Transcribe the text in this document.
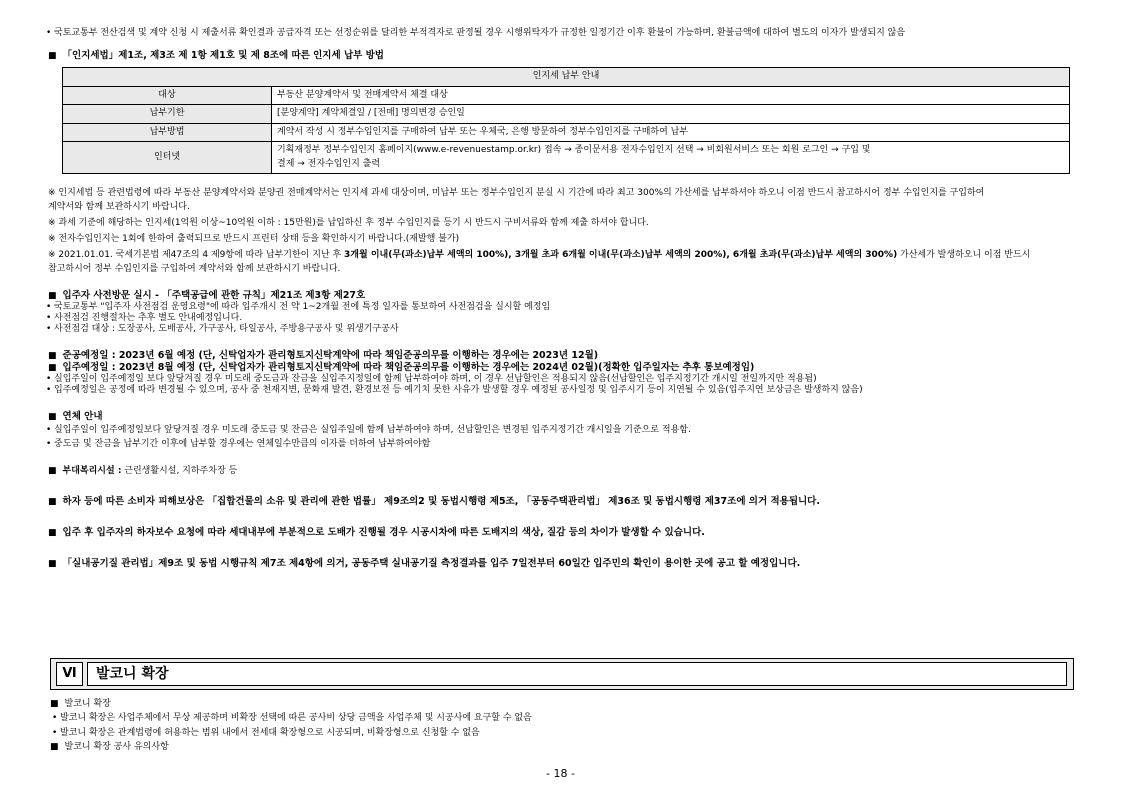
• 국토교통부 전산검색 및 계약 신청 시 제출서류 확인결과 공급자격 또는 선정순위를 달리한 부적격자로 판정될 경우 시행위탁자가 규정한 일정기간 이후 환불이 가능하며, 환불금액에 대하여 별도의 이자가 발생되지 않음
■ 「인지세법」제1조, 제3조 제 1항 제1호 및 제 8조에 따른 인지세 납부 방법
인지세 납부 안내	
대상	부동산 분양계약서 및 전매계약서 체결 대상
납부기한	[분양계약] 계약체결일 / [전매] 명의변경 승인일
납부방법	계약서 작성 시 정부수입인지를 구매하여 납부 또는 우체국, 은행 방문하여 정부수입인지를 구매하여 납부
인터넷	기획재정부 정부수입인지 홈페이지(www.e-revenuestamp.or.kr) 접속 → 종이문서용 전자수입인지 선택 → 비회원서비스 또는 회원 로그인 → 구입 및
결제 → 전자수입인지 출력
※ 인지세법 등 관련법령에 따라 부동산 분양계약서와 분양권 전매계약서는 인지세 과세 대상이며, 미납부 또는 정부수입인지 분실 시 기간에 따라 최고 300%의 가산세를 납부하셔야 하오니 이점 반드시 참고하시어 정부 수입인지를 구입하여
계약서와 함께 보관하시기 바랍니다.
※ 과세 기준에 해당하는 인지세(1억원 이상~10억원 이하 : 15만원)를 납입하신 후 정부 수입인지를 등기 시 반드시 구비서류와 함께 제출 하셔야 합니다.
※ 전자수입인지는 1회에 한하여 출력되므로 반드시 프린터 상태 등을 확인하시기 바랍니다.(재발행 불가)
※ 2021.01.01. 국세기본법 제47조의 4 제9항에 따라 납부기한이 지난 후 3개월 이내(무(과소)납부 세액의 100%), 3개월 초과 6개월 이내(무(과소)납부 세액의 200%), 6개월 초과(무(과소)납부 세액의 300%) 가산세가 발생하오니 이점 반드시
참고하시어 정부 수입인지를 구입하여 계약서와 함께 보관하시기 바랍니다.
■ 입주자 사전방문 실시 - 「주택공급에 관한 규칙」제21조 제3항 제27호
• 국토교통부 "입주자 사전점검 운영요령"에 따라 입주개시 전 약 1~2개월 전에 특정 일자를 통보하여 사전점검을 실시할 예정임
• 사전점검 진행절차는 추후 별도 안내예정입니다.
• 사전점검 대상 : 도장공사, 도배공사, 가구공사, 타일공사, 주방용구공사 및 위생기구공사
■ 준공예정일 : 2023년 6월 예정 (단, 신탁업자가 관리형토지신탁계약에 따라 책임준공의무를 이행하는 경우에는 2023년 12월)
■ 입주예정일 : 2023년 8월 예정 (단, 신탁업자가 관리형토지신탁계약에 따라 책임준공의무를 이행하는 경우에는 2024년 02월)(정확한 입주일자는 추후 통보예정임)
• 실입주일이 입주예정일 보다 앞당겨질 경우 미도래 중도금과 잔금을 실입주지정일에 함께 납부하여야 하며, 이 경우 선납할인은 적용되지 않음(선납할인은 입주지정기간 개시일 전일까지만 적용됨)
• 입주예정일은 공정에 따라 변경될 수 있으며, 공사 중 천재지변, 문화재 발견, 환경보전 등 예기치 못한 사유가 발생할 경우 예정된 공사일정 및 입주시기 등이 지연될 수 있음(입주지연 보상금은 발생하지 않음)
■ 연체 안내
• 실입주일이 입주예정일보다 앞당겨질 경우 미도래 중도금 및 잔금은 실입주일에 함께 납부하여야 하며, 선납할인은 변경된 입주지정기간 개시일을 기준으로 적용함.
• 중도금 및 잔금을 납부기간 이후에 납부할 경우에는 연체일수만큼의 이자를 더하여 납부하여야함
■ 부대복리시설 : 근린생활시설, 지하주차장 등
■ 하자 등에 따른 소비자 피해보상은 「집합건물의 소유 및 관리에 관한 법률」 제9조의2 및 동법시행령 제5조, 「공동주택관리법」 제36조 및 동법시행령 제37조에 의거 적용됩니다.
■ 입주 후 입주자의 하자보수 요청에 따라 세대내부에 부분적으로 도배가 진행될 경우 시공시차에 따른 도배지의 색상, 질감 등의 차이가 발생할 수 있습니다.
■ 「실내공기질 관리법」제9조 및 동법 시행규칙 제7조 제4항에 의거, 공동주택 실내공기질 측정결과를 입주 7일전부터 60일간 입주민의 확인이 용이한 곳에 공고 할 예정입니다.
Ⅵ	발코니 확장
■ 발코니 확장
• 발코니 확장은 사업주체에서 무상 제공하며 비확장 선택에 따른 공사비 상당 금액을 사업주체 및 시공사에 요구할 수 없음
• 발코니 확장은 관계법령에 허용하는 범위 내에서 전세대 확장형으로 시공되며, 비확장형으로 신청할 수 없음
■ 발코니 확장 공사 유의사항
- 18 -
